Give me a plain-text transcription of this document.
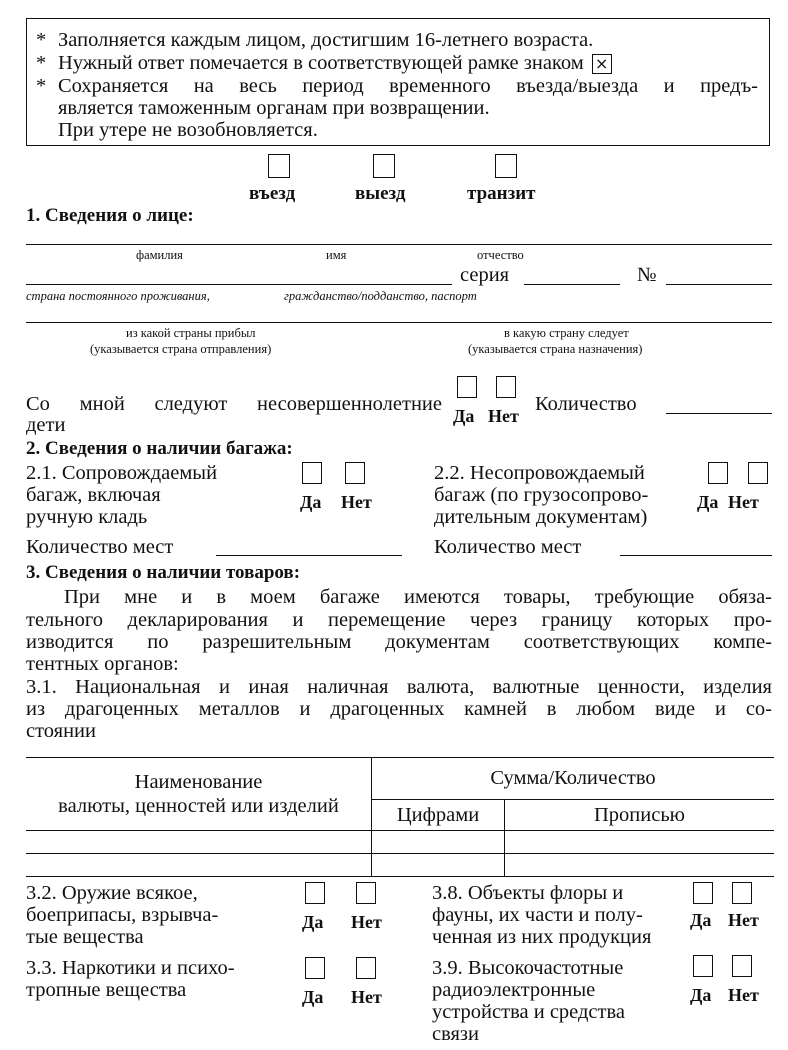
* Заполняется каждым лицом, достигшим 16-летнего возраста.
* Нужный ответ помечается в соответствующей рамке знаком ×
* Сохраняется на весь период временного въезда/выезда и предъ-
является таможенным органам при возвращении.
При утере не возобновляется.
въезд	выезд	транзит
1. Сведения о лице:
фамилия	имя	отчество
серия	№
страна постоянного проживания,	гражданство/подданство, паспорт
из какой страны прибыл
(указывается страна отправления)
в какую страну следует
(указывается страна назначения)
Со мной следуют несовершеннолетние
дети	Да Нет
Количество
2. Сведения о наличии багажа:
2.1. Сопровождаемый
багаж, включая
ручную кладь
Да Нет
2.2. Несопровождаемый
багаж (по грузосопрово-
дительным документам)
Да Нет
Количество мест	Количество мест
3. Сведения о наличии товаров:
При мне и в моем багаже имеются товары, требующие обяза-
тельного декларирования и перемещение через границу которых про-
изводится по разрешительным документам соответствующих компе-
тентных органов:
3.1. Национальная и иная наличная валюта, валютные ценности, изделия
из драгоценных металлов и драгоценных камней в любом виде и со-
стоянии
Наименование
валюты, ценностей или изделий	Сумма/Количество	
	Цифрами	Прописью

3.2. Оружие всякое,
боеприпасы, взрывча-
тые вещества
Да Нет
3.8. Объекты флоры и
фауны, их части и полу-
ченная из них продукция
Да Нет
3.3. Наркотики и психо-
тропные вещества	Да Нет
3.9. Высокочастотные
радиоэлектронные
устройства и средства
связи
Да Нет
